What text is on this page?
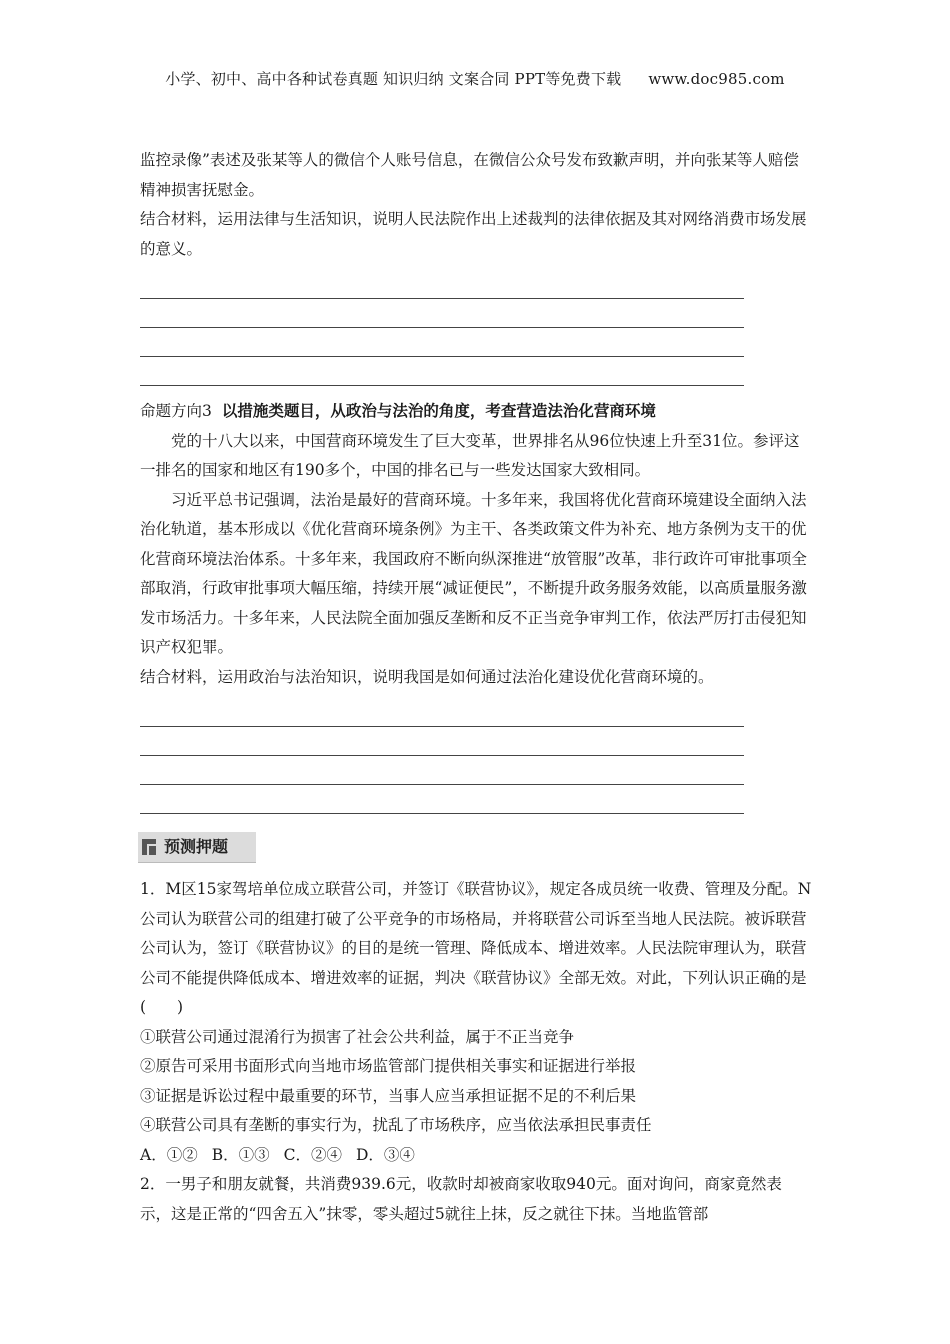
小学、初中、高中各种试卷真题 知识归纳 文案合同 PPT等免费下载 www.doc985.com

监控录像”表述及张某等人的微信个人账号信息，在微信公众号发布致歉声明，并向张某等人赔偿精神损害抚慰金。

结合材料，运用法律与生活知识，说明人民法院作出上述裁判的法律依据及其对网络消费市场发展的意义。

命题方向3 以措施类题目，从政治与法治的角度，考查营造法治化营商环境

党的十八大以来，中国营商环境发生了巨大变革，世界排名从96位快速上升至31位。参评这一排名的国家和地区有190多个，中国的排名已与一些发达国家大致相同。

习近平总书记强调，法治是最好的营商环境。十多年来，我国将优化营商环境建设全面纳入法治化轨道，基本形成以《优化营商环境条例》为主干、各类政策文件为补充、地方条例为支干的优化营商环境法治体系。十多年来，我国政府不断向纵深推进“放管服”改革，非行政许可审批事项全部取消，行政审批事项大幅压缩，持续开展“减证便民”，不断提升政务服务效能，以高质量服务激发市场活力。十多年来，人民法院全面加强反垄断和反不正当竞争审判工作，依法严厉打击侵犯知识产权犯罪。

结合材料，运用政治与法治知识，说明我国是如何通过法治化建设优化营商环境的。

预测押题

1．M区15家驾培单位成立联营公司，并签订《联营协议》，规定各成员统一收费、管理及分配。N公司认为联营公司的组建打破了公平竞争的市场格局，并将联营公司诉至当地人民法院。被诉联营公司认为，签订《联营协议》的目的是统一管理、降低成本、增进效率。人民法院审理认为，联营公司不能提供降低成本、增进效率的证据，判决《联营协议》全部无效。对此，下列认识正确的是(　　)

①联营公司通过混淆行为损害了社会公共利益，属于不正当竞争

②原告可采用书面形式向当地市场监管部门提供相关事实和证据进行举报

③证据是诉讼过程中最重要的环节，当事人应当承担证据不足的不利后果

④联营公司具有垄断的事实行为，扰乱了市场秩序，应当依法承担民事责任

A．①② B．①③ C．②④ D．③④

2．一男子和朋友就餐，共消费939.6元，收款时却被商家收取940元。面对询问，商家竟然表示，这是正常的“四舍五入”抹零，零头超过5就往上抹，反之就往下抹。当地监管部
